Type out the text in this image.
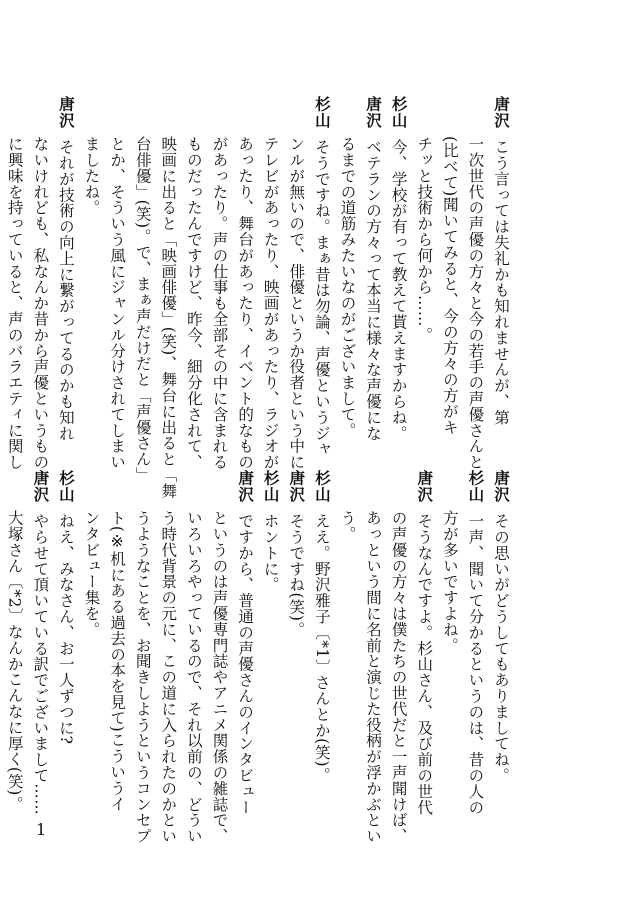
唐沢こう言っては失礼かも知れませんが、第
一次世代の声優の方々と今の若手の声優さんと
(比べて)聞いてみると、今の方々の方がキ
チッと技術から何から……。
杉山今、学校が有って教えて貰えますからね。
唐沢ベテランの方々って本当に様々な声優にな
るまでの道筋みたいなのがございまして。
杉山そうですね。まぁ昔は勿論、声優というジャ
ンルが無いので、俳優というか役者という中に
テレビがあったり、映画があったり、ラジオが
あったり、舞台があったり、イベント的なもの
があったり。声の仕事も全部その中に含まれる
ものだったんですけど、昨今、細分化されて、
映画に出ると「映画俳優」(笑)、舞台に出ると「舞
台俳優」(笑)。で、まぁ声だけだと「声優さん」
とか、そういう風にジャンル分けされてしまい
ましたね。
唐沢それが技術の向上に繋がってるのかも知れ
ないけれども、私なんか昔から声優というもの
に興味を持っていると、声のバラエティに関し
唐沢その思いがどうしてもありましてね。
杉山一声、聞いて分かるというのは、昔の人の
方が多いですよね。
唐沢そうなんですよ。杉山さん、及び前の世代
の声優の方々は僕たちの世代だと一声聞けば、
あっという間に名前と演じた役柄が浮かぶとい
う。
杉山ええ。野沢雅子〔*1〕さんとか(笑)。
唐沢そうですね(笑)。
杉山ホントに。
唐沢ですから、普通の声優さんのインタビュー
というのは声優専門誌やアニメ関係の雑誌で、
いろいろやっているので、それ以前の、どうい
う時代背景の元に、この道に入られたのかとい
うようなことを、お聞きしようというコンセプ
ト(※机にある過去の本を見て)こういうイ
ンタビュー集を。
杉山ねえ、みなさん、お一人ずつに?
唐沢やらせて頂いている訳でございまして……
大塚さん〔*2〕なんかこんなに厚く(笑)。
1
